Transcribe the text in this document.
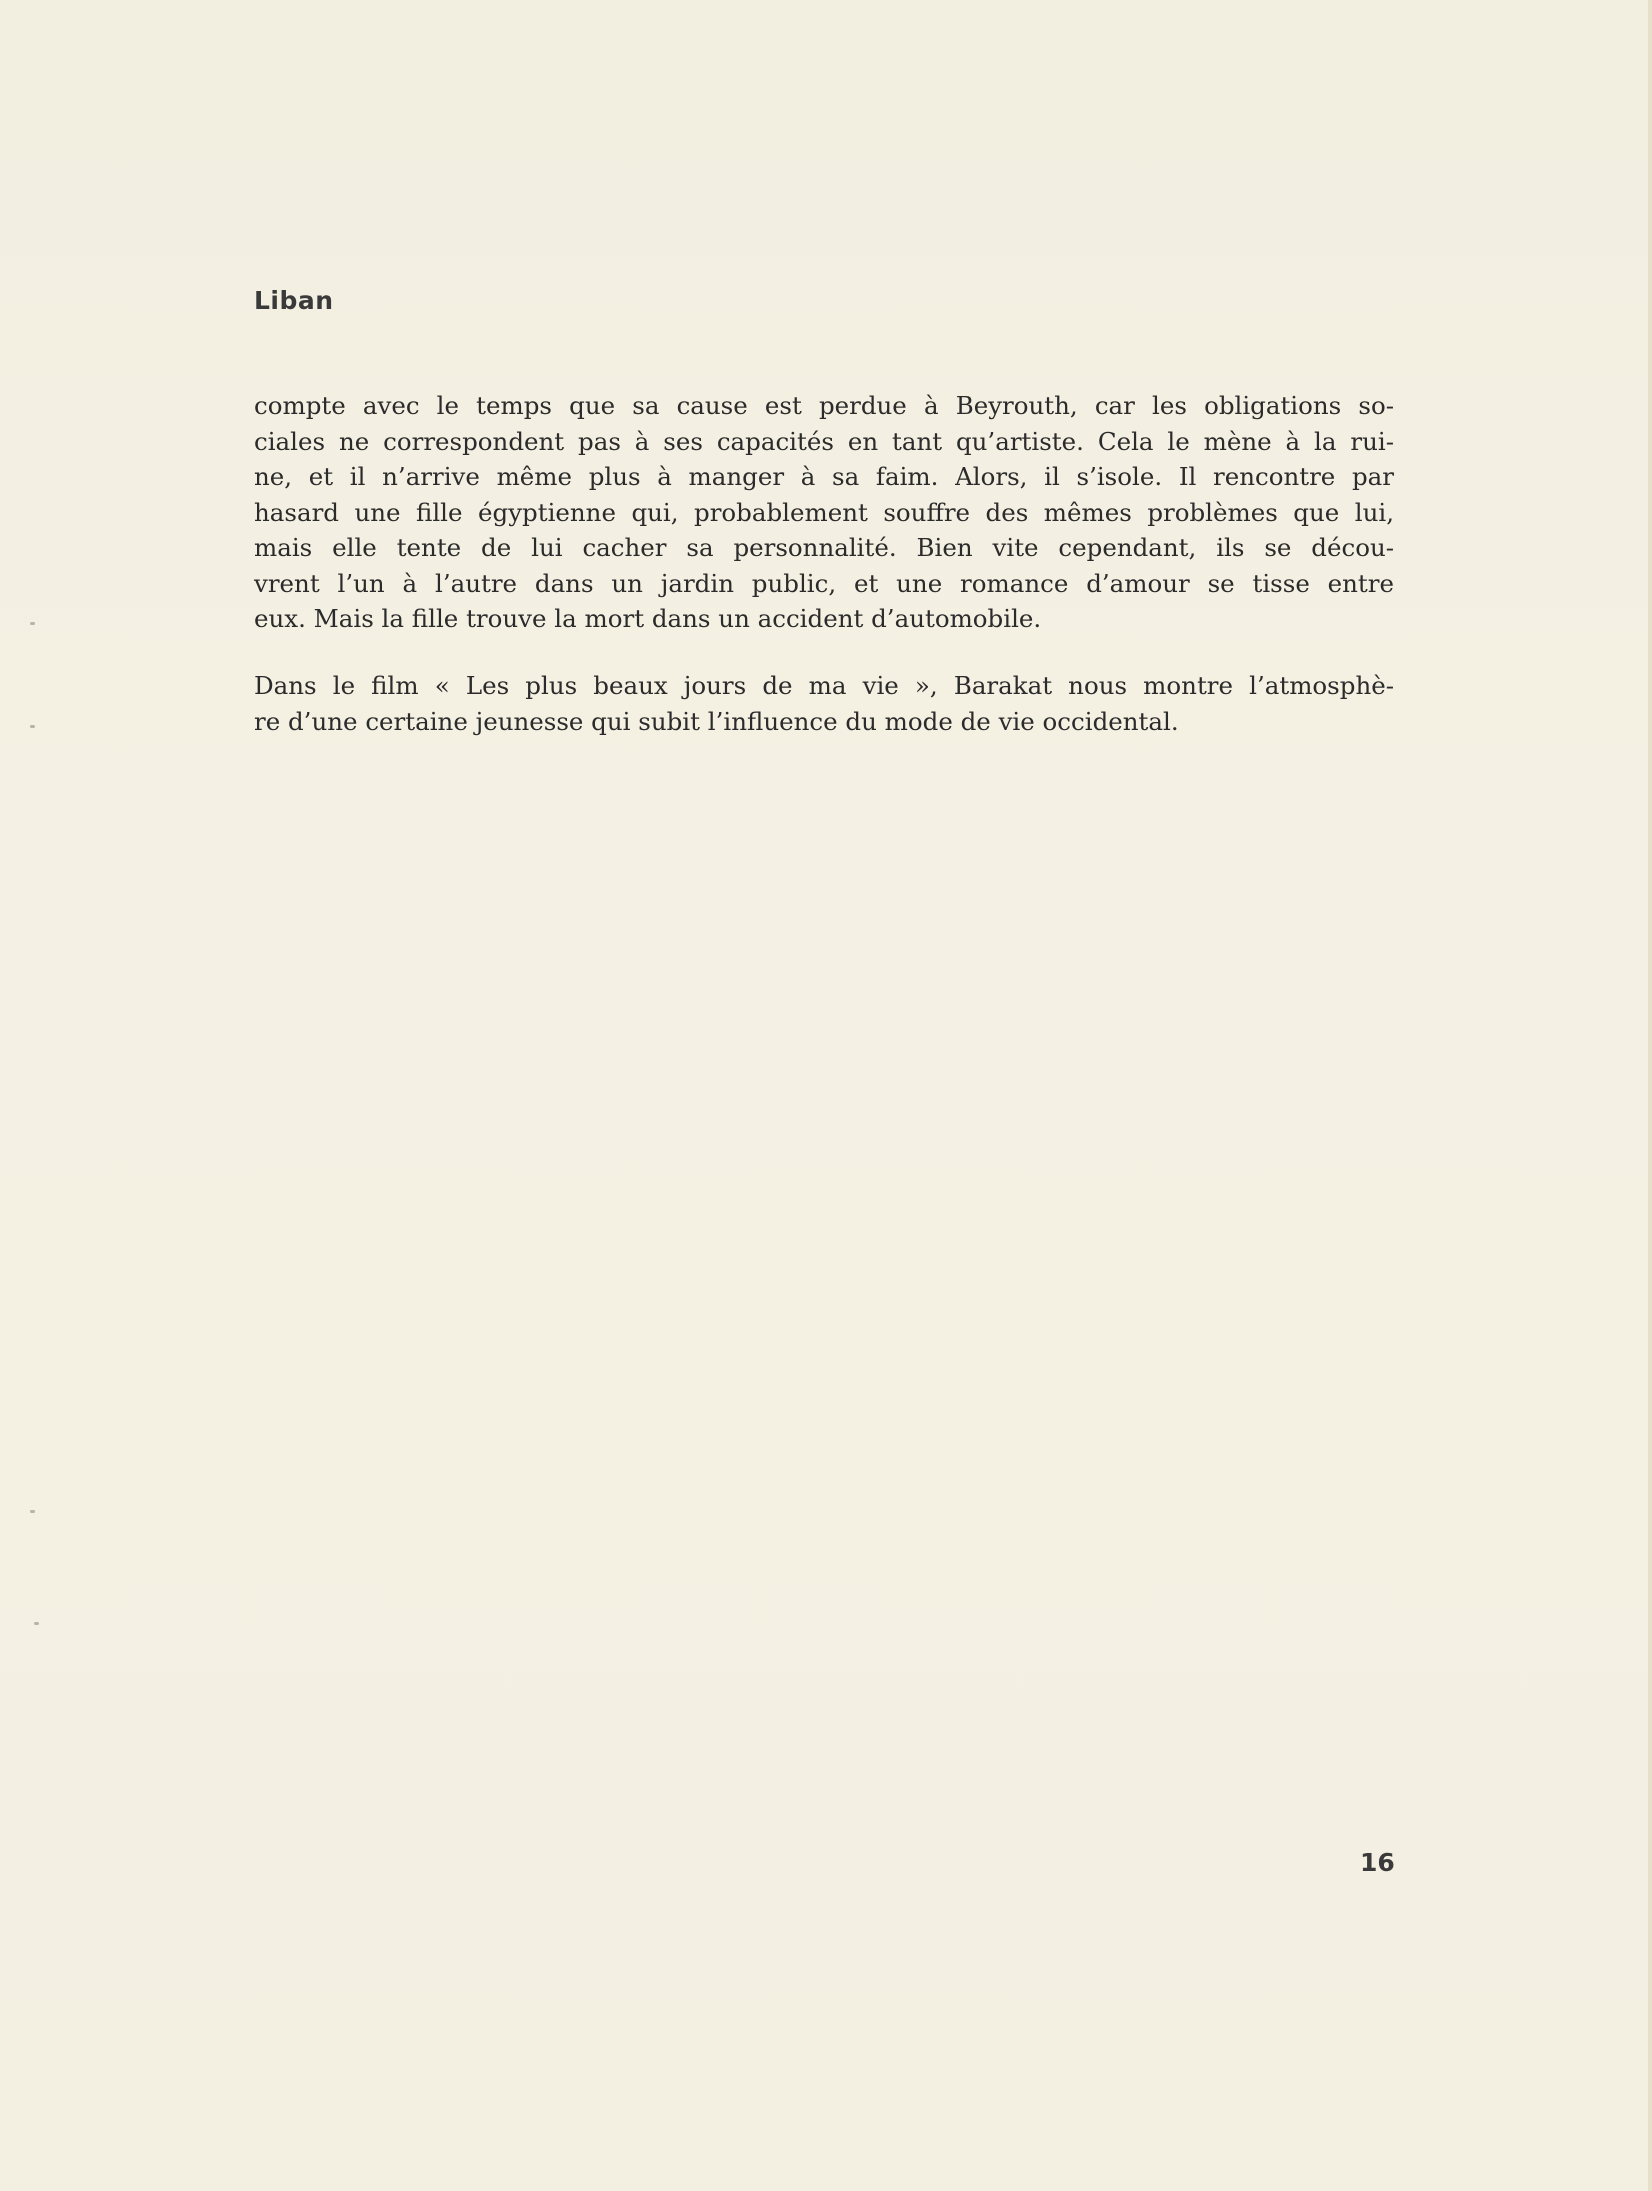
Liban
compte avec le temps que sa cause est perdue à Beyrouth, car les obligations so-
ciales ne correspondent pas à ses capacités en tant qu’artiste. Cela le mène à la rui-
ne, et il n’arrive même plus à manger à sa faim. Alors, il s’isole. Il rencontre par
hasard une fille égyptienne qui, probablement souffre des mêmes problèmes que lui,
mais elle tente de lui cacher sa personnalité. Bien vite cependant, ils se décou-
vrent l’un à l’autre dans un jardin public, et une romance d’amour se tisse entre
eux. Mais la fille trouve la mort dans un accident d’automobile.
Dans le film « Les plus beaux jours de ma vie », Barakat nous montre l’atmosphè-
re d’une certaine jeunesse qui subit l’influence du mode de vie occidental.
16
